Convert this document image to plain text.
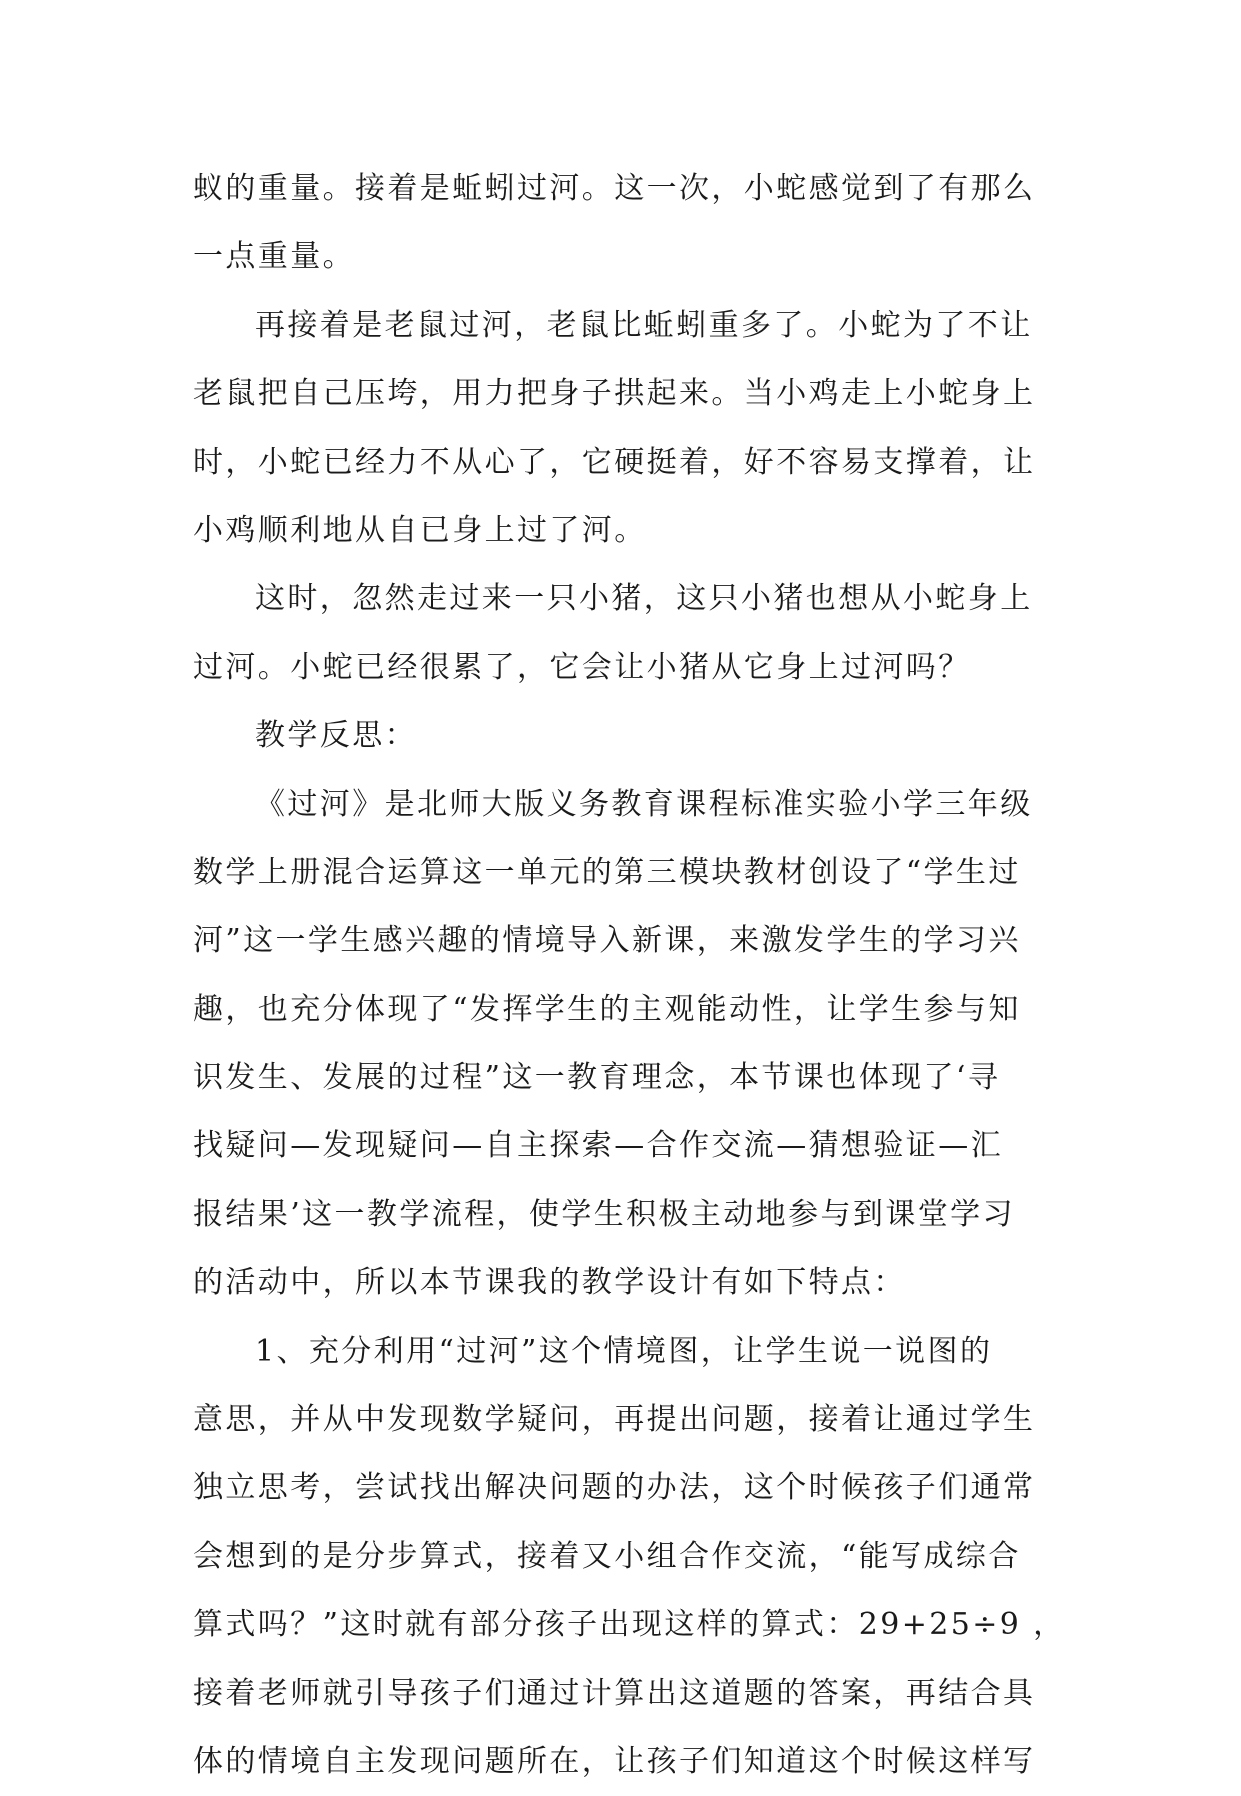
蚁的重量。接着是蚯蚓过河。这一次，小蛇感觉到了有那么
一点重量。
再接着是老鼠过河，老鼠比蚯蚓重多了。小蛇为了不让
老鼠把自己压垮，用力把身子拱起来。当小鸡走上小蛇身上
时，小蛇已经力不从心了，它硬挺着，好不容易支撑着，让
小鸡顺利地从自已身上过了河。
这时，忽然走过来一只小猪，这只小猪也想从小蛇身上
过河。小蛇已经很累了，它会让小猪从它身上过河吗？
教学反思：
《过河》是北师大版义务教育课程标准实验小学三年级
数学上册混合运算这一单元的第三模块教材创设了“学生过
河”这一学生感兴趣的情境导入新课，来激发学生的学习兴
趣，也充分体现了“发挥学生的主观能动性，让学生参与知
识发生、发展的过程”这一教育理念，本节课也体现了‘寻
找疑问—发现疑问—自主探索—合作交流—猜想验证—汇
报结果’这一教学流程，使学生积极主动地参与到课堂学习
的活动中，所以本节课我的教学设计有如下特点：
1、充分利用“过河”这个情境图，让学生说一说图的
意思，并从中发现数学疑问，再提出问题，接着让通过学生
独立思考，尝试找出解决问题的办法，这个时候孩子们通常
会想到的是分步算式，接着又小组合作交流，“能写成综合
算式吗？”这时就有部分孩子出现这样的算式：29+25÷9 ，
接着老师就引导孩子们通过计算出这道题的答案，再结合具
体的情境自主发现问题所在，让孩子们知道这个时候这样写
